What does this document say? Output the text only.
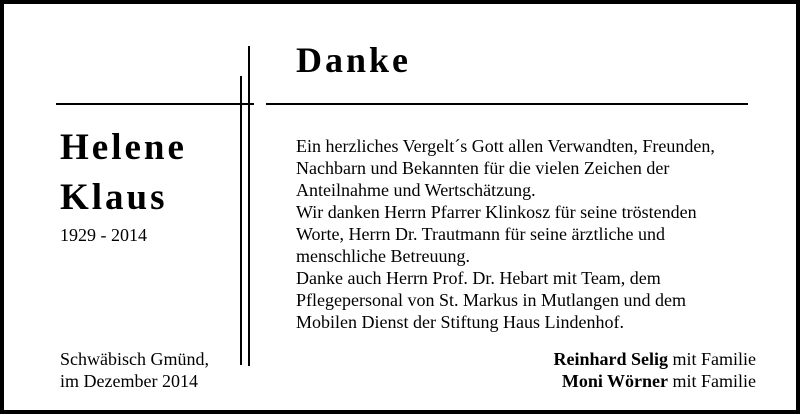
Danke
Helene
Klaus
1929 - 2014
Ein herzliches Vergelt´s Gott allen Verwandten, Freunden,
Nachbarn und Bekannten für die vielen Zeichen der
Anteilnahme und Wertschätzung.
Wir danken Herrn Pfarrer Klinkosz für seine tröstenden
Worte, Herrn Dr. Trautmann für seine ärztliche und
menschliche Betreuung.
Danke auch Herrn Prof. Dr. Hebart mit Team, dem
Pflegepersonal von St. Markus in Mutlangen und dem
Mobilen Dienst der Stiftung Haus Lindenhof.
Schwäbisch Gmünd,
im Dezember 2014
Reinhard Selig mit Familie
Moni Wörner mit Familie
